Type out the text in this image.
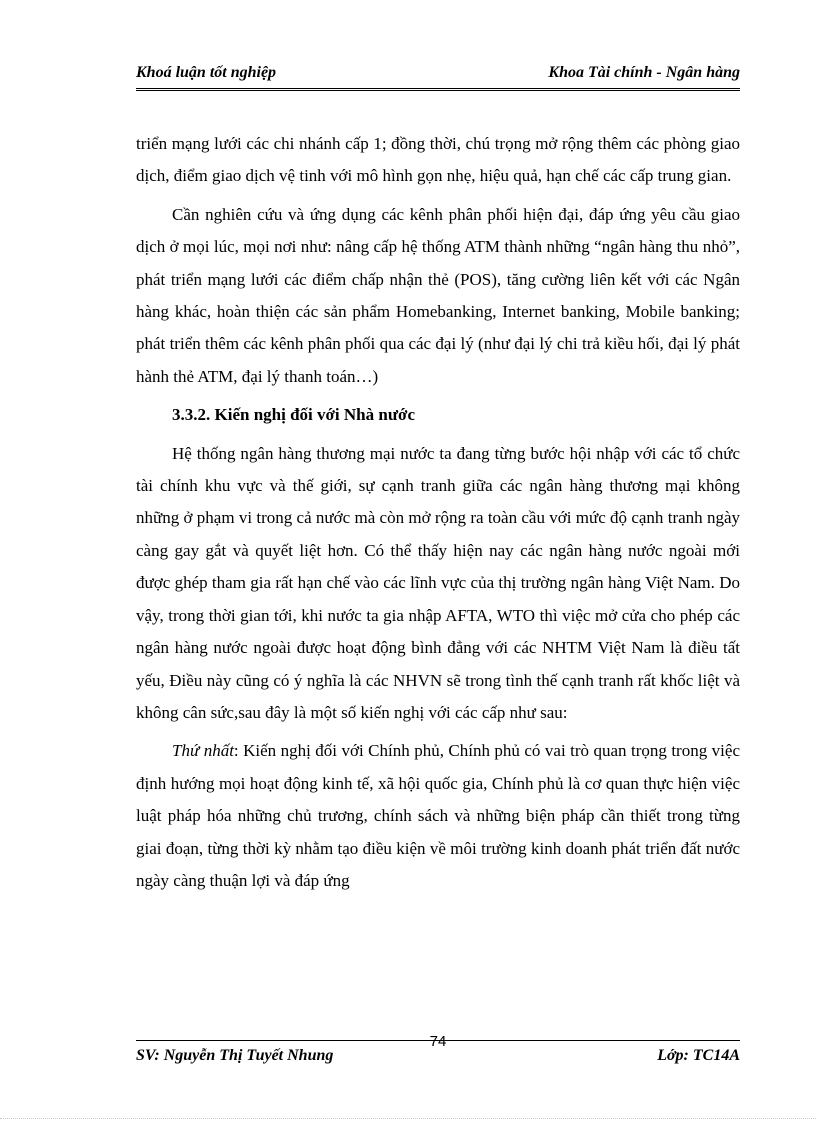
Khoá luận tốt nghiệp	Khoa Tài chính - Ngân hàng

triển mạng lưới các chi nhánh cấp 1; đồng thời, chú trọng mở rộng thêm các phòng giao dịch, điểm giao dịch vệ tinh với mô hình gọn nhẹ, hiệu quả, hạn chế các cấp trung gian.

Cần nghiên cứu và ứng dụng các kênh phân phối hiện đại, đáp ứng yêu cầu giao dịch ở mọi lúc, mọi nơi như: nâng cấp hệ thống ATM thành những “ngân hàng thu nhỏ”, phát triển mạng lưới các điểm chấp nhận thẻ (POS), tăng cường liên kết với các Ngân hàng khác, hoàn thiện các sản phẩm Homebanking, Internet banking, Mobile banking; phát triển thêm các kênh phân phối qua các đại lý (như đại lý chi trả kiều hối, đại lý phát hành thẻ ATM, đại lý thanh toán…)

3.3.2. Kiến nghị đối với Nhà nước

Hệ thống ngân hàng thương mại nước ta đang từng bước hội nhập với các tổ chức tài chính khu vực và thế giới, sự cạnh tranh giữa các ngân hàng thương mại không những ở phạm vi trong cả nước mà còn mở rộng ra toàn cầu với mức độ cạnh tranh ngày càng gay gắt và quyết liệt hơn. Có thể thấy hiện nay các ngân hàng nước ngoài mới được ghép tham gia rất hạn chế vào các lĩnh vực của thị trường ngân hàng Việt Nam. Do vậy, trong thời gian tới, khi nước ta gia nhập AFTA, WTO thì việc mở cửa cho phép các ngân hàng nước ngoài được hoạt động bình đẳng với các NHTM Việt Nam là điều tất yếu, Điều này cũng có ý nghĩa là các NHVN sẽ trong tình thế cạnh tranh rất khốc liệt và không cân sức,sau đây là một số kiến nghị với các cấp như sau:

Thứ nhất: Kiến nghị đối với Chính phủ, Chính phủ có vai trò quan trọng trong việc định hướng mọi hoạt động kinh tế, xã hội quốc gia, Chính phủ là cơ quan thực hiện việc luật pháp hóa những chủ trương, chính sách và những biện pháp cần thiết trong từng giai đoạn, từng thời kỳ nhằm tạo điều kiện về môi trường kinh doanh phát triển đất nước ngày càng thuận lợi và đáp ứng

SV: Nguyễn Thị Tuyết Nhung
74
Lớp: TC14A
